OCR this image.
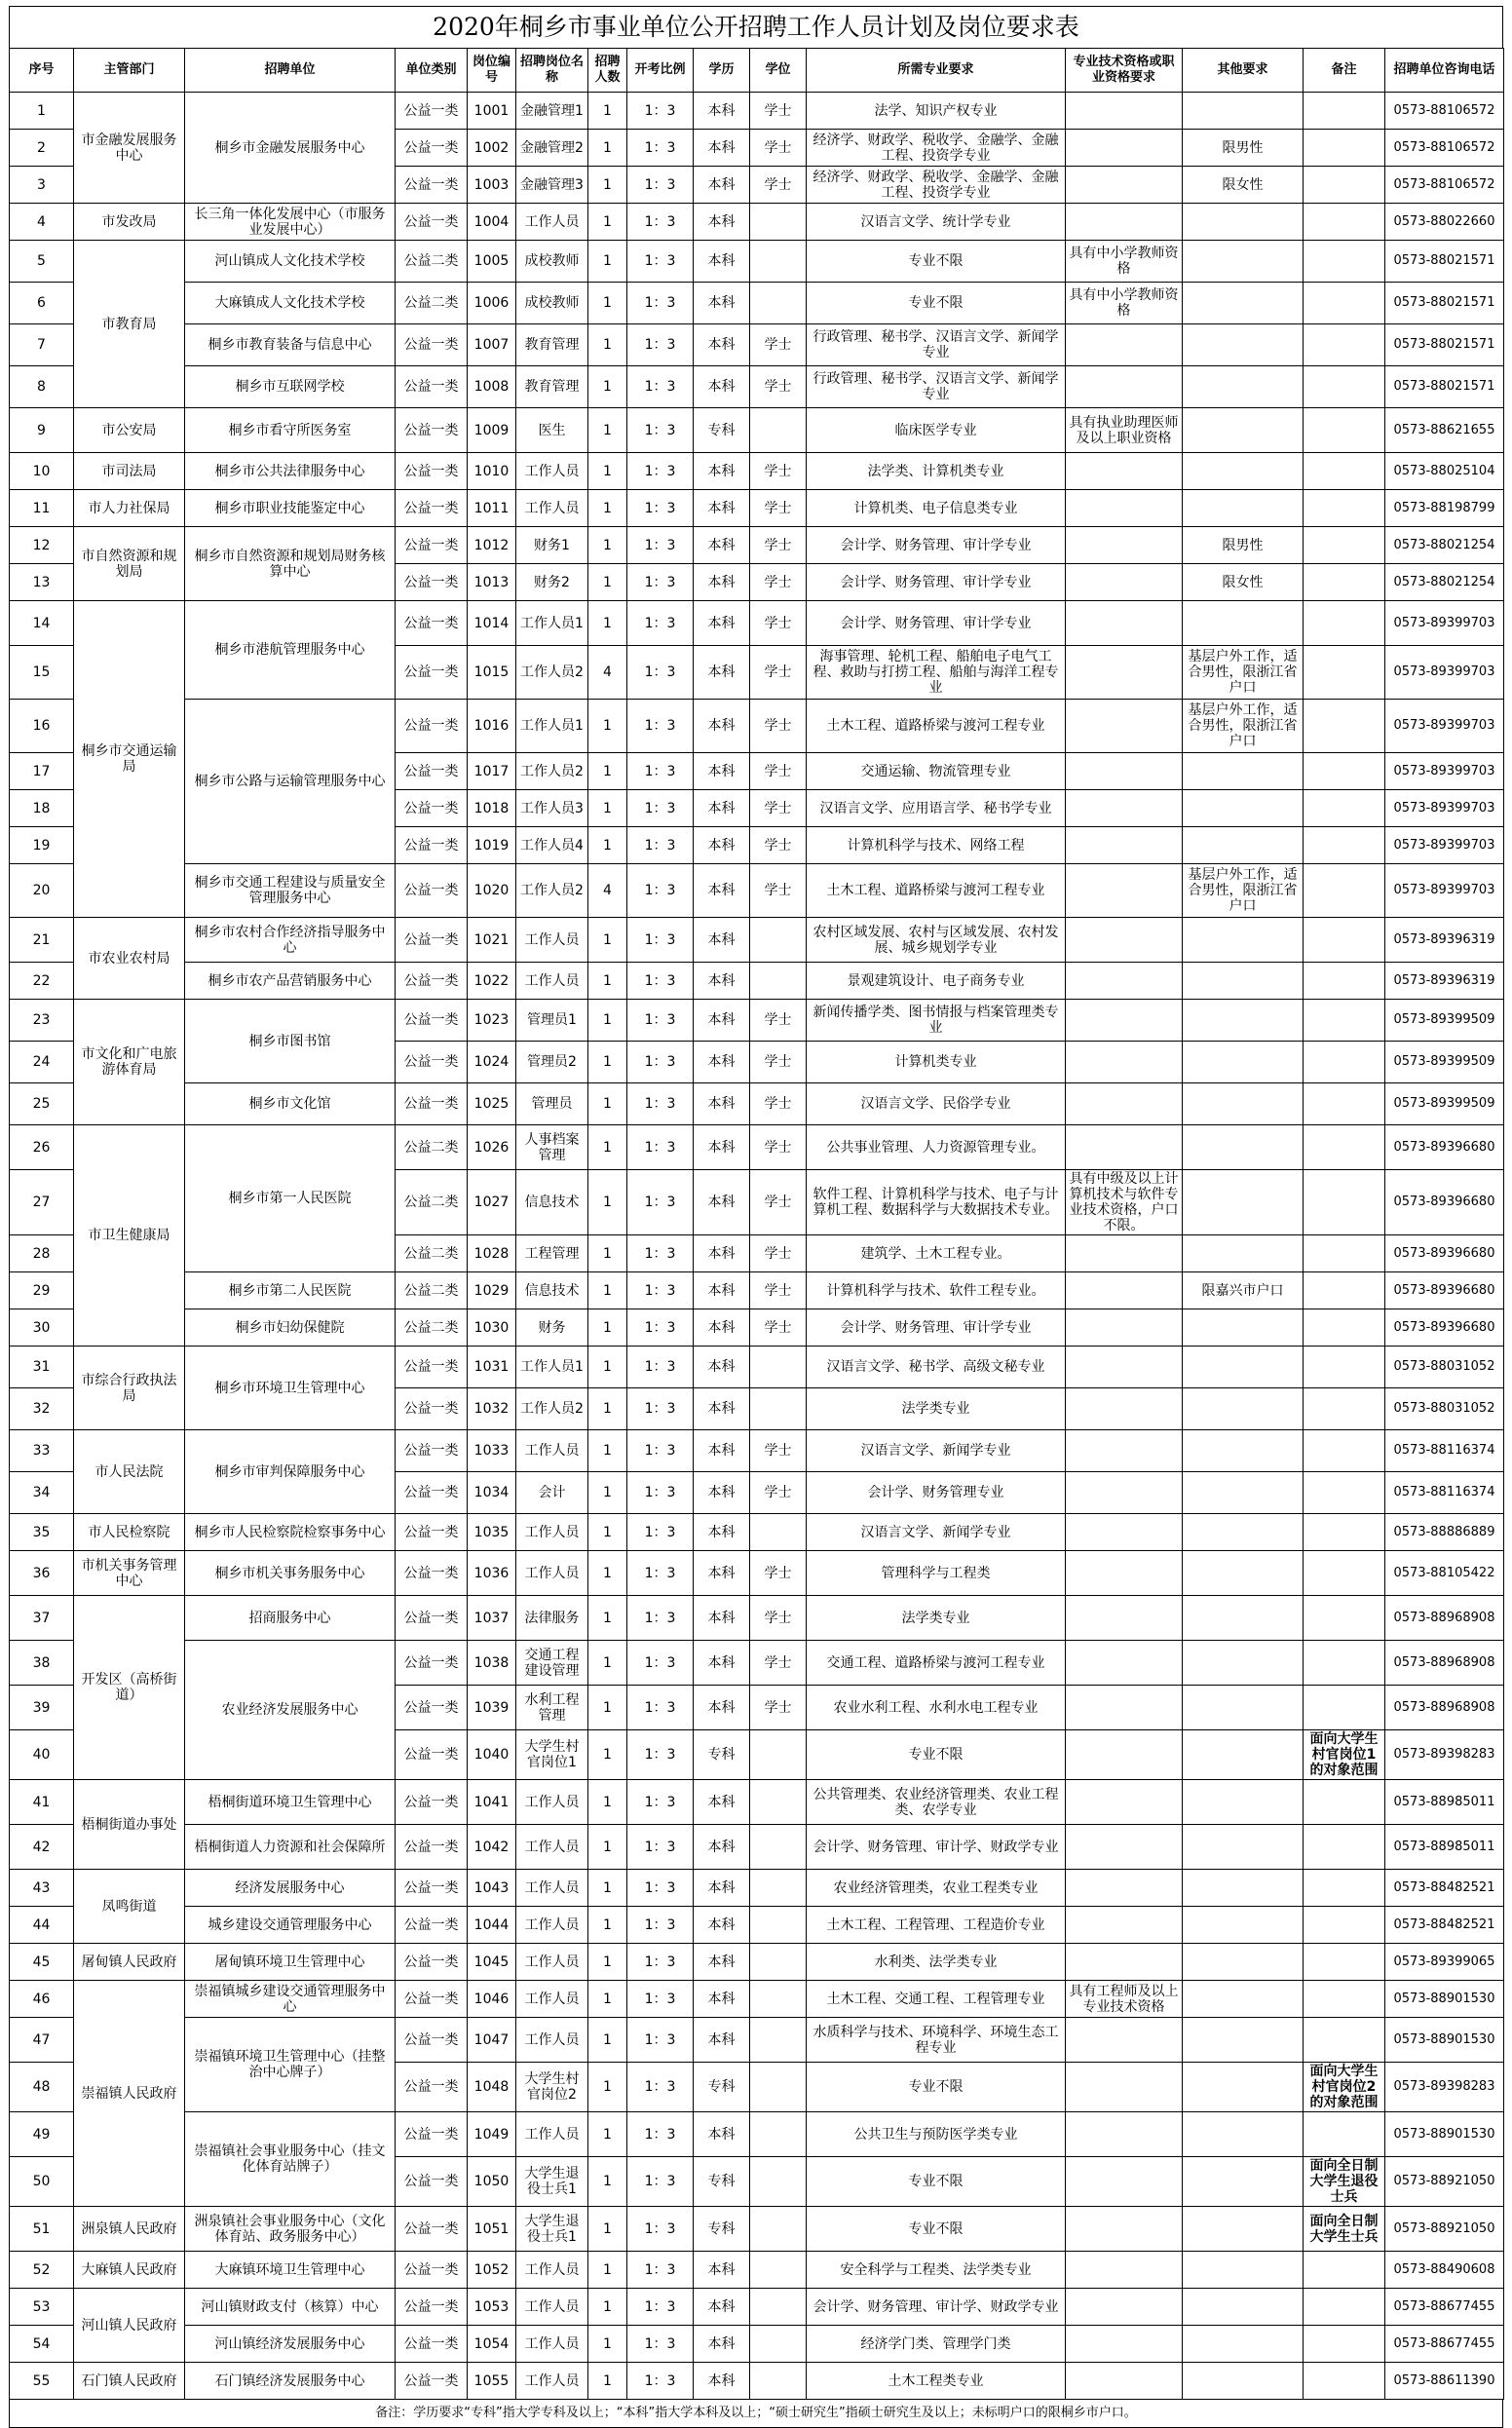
2020年桐乡市事业单位公开招聘工作人员计划及岗位要求表
序号	主管部门	招聘单位	单位类别	岗位编号	招聘岗位名称	招聘人数	开考比例	学历	学位	所需专业要求	专业技术资格或职业资格要求	其他要求	备注	招聘单位咨询电话
1	市金融发展服务中心	桐乡市金融发展服务中心	公益一类	1001	金融管理1	1	1：3	本科	学士	法学、知识产权专业				0573-88106572
2			公益一类	1002	金融管理2	1	1：3	本科	学士	经济学、财政学、税收学、金融学、金融工程、投资学专业		限男性		0573-88106572
3			公益一类	1003	金融管理3	1	1：3	本科	学士	经济学、财政学、税收学、金融学、金融工程、投资学专业		限女性		0573-88106572
4	市发改局	长三角一体化发展中心（市服务业发展中心）	公益一类	1004	工作人员	1	1：3	本科		汉语言文学、统计学专业				0573-88022660
5	市教育局	河山镇成人文化技术学校	公益二类	1005	成校教师	1	1：3	本科		专业不限	具有中小学教师资格			0573-88021571
6		大麻镇成人文化技术学校	公益二类	1006	成校教师	1	1：3	本科		专业不限	具有中小学教师资格			0573-88021571
7		桐乡市教育装备与信息中心	公益一类	1007	教育管理	1	1：3	本科	学士	行政管理、秘书学、汉语言文学、新闻学专业				0573-88021571
8		桐乡市互联网学校	公益一类	1008	教育管理	1	1：3	本科	学士	行政管理、秘书学、汉语言文学、新闻学专业				0573-88021571
9	市公安局	桐乡市看守所医务室	公益一类	1009	医生	1	1：3	专科		临床医学专业	具有执业助理医师及以上职业资格			0573-88621655
10	市司法局	桐乡市公共法律服务中心	公益一类	1010	工作人员	1	1：3	本科	学士	法学类、计算机类专业				0573-88025104
11	市人力社保局	桐乡市职业技能鉴定中心	公益一类	1011	工作人员	1	1：3	本科	学士	计算机类、电子信息类专业				0573-88198799
12	市自然资源和规划局	桐乡市自然资源和规划局财务核算中心	公益一类	1012	财务1	1	1：3	本科	学士	会计学、财务管理、审计学专业		限男性		0573-88021254
13			公益一类	1013	财务2	1	1：3	本科	学士	会计学、财务管理、审计学专业		限女性		0573-88021254
14	桐乡市交通运输局	桐乡市港航管理服务中心	公益一类	1014	工作人员1	1	1：3	本科	学士	会计学、财务管理、审计学专业				0573-89399703
15			公益一类	1015	工作人员2	4	1：3	本科	学士	海事管理、轮机工程、船舶电子电气工程、救助与打捞工程、船舶与海洋工程专业		基层户外工作，适合男性，限浙江省户口		0573-89399703
16		桐乡市公路与运输管理服务中心	公益一类	1016	工作人员1	1	1：3	本科	学士	土木工程、道路桥梁与渡河工程专业		基层户外工作，适合男性，限浙江省户口		0573-89399703
17			公益一类	1017	工作人员2	1	1：3	本科	学士	交通运输、物流管理专业				0573-89399703
18			公益一类	1018	工作人员3	1	1：3	本科	学士	汉语言文学、应用语言学、秘书学专业				0573-89399703
19			公益一类	1019	工作人员4	1	1：3	本科	学士	计算机科学与技术、网络工程				0573-89399703
20		桐乡市交通工程建设与质量安全管理服务中心	公益一类	1020	工作人员2	4	1：3	本科	学士	土木工程、道路桥梁与渡河工程专业		基层户外工作，适合男性，限浙江省户口		0573-89399703
21	市农业农村局	桐乡市农村合作经济指导服务中心	公益一类	1021	工作人员	1	1：3	本科		农村区域发展、农村与区域发展、农村发展、城乡规划学专业				0573-89396319
22		桐乡市农产品营销服务中心	公益一类	1022	工作人员	1	1：3	本科		景观建筑设计、电子商务专业				0573-89396319
23	市文化和广电旅游体育局	桐乡市图书馆	公益一类	1023	管理员1	1	1：3	本科	学士	新闻传播学类、图书情报与档案管理类专业				0573-89399509
24			公益一类	1024	管理员2	1	1：3	本科	学士	计算机类专业				0573-89399509
25		桐乡市文化馆	公益一类	1025	管理员	1	1：3	本科	学士	汉语言文学、民俗学专业				0573-89399509
26	市卫生健康局	桐乡市第一人民医院	公益二类	1026	人事档案管理	1	1：3	本科	学士	公共事业管理、人力资源管理专业。				0573-89396680
27			公益二类	1027	信息技术	1	1：3	本科	学士	软件工程、计算机科学与技术、电子与计算机工程、数据科学与大数据技术专业。	具有中级及以上计算机技术与软件专业技术资格，户口不限。			0573-89396680
28			公益二类	1028	工程管理	1	1：3	本科	学士	建筑学、土木工程专业。				0573-89396680
29		桐乡市第二人民医院	公益二类	1029	信息技术	1	1：3	本科	学士	计算机科学与技术、软件工程专业。		限嘉兴市户口		0573-89396680
30		桐乡市妇幼保健院	公益二类	1030	财务	1	1：3	本科	学士	会计学、财务管理、审计学专业				0573-89396680
31	市综合行政执法局	桐乡市环境卫生管理中心	公益一类	1031	工作人员1	1	1：3	本科		汉语言文学、秘书学、高级文秘专业				0573-88031052
32			公益一类	1032	工作人员2	1	1：3	本科		法学类专业				0573-88031052
33	市人民法院	桐乡市审判保障服务中心	公益一类	1033	工作人员	1	1：3	本科	学士	汉语言文学、新闻学专业				0573-88116374
34			公益一类	1034	会计	1	1：3	本科	学士	会计学、财务管理专业				0573-88116374
35	市人民检察院	桐乡市人民检察院检察事务中心	公益一类	1035	工作人员	1	1：3	本科		汉语言文学、新闻学专业				0573-88886889
36	市机关事务管理中心	桐乡市机关事务服务中心	公益一类	1036	工作人员	1	1：3	本科	学士	管理科学与工程类				0573-88105422
37	开发区（高桥街道）	招商服务中心	公益一类	1037	法律服务	1	1：3	本科	学士	法学类专业				0573-88968908
38		农业经济发展服务中心	公益一类	1038	交通工程建设管理	1	1：3	本科	学士	交通工程、道路桥梁与渡河工程专业				0573-88968908
39			公益一类	1039	水利工程管理	1	1：3	本科	学士	农业水利工程、水利水电工程专业				0573-88968908
40			公益一类	1040	大学生村官岗位1	1	1：3	专科		专业不限			面向大学生村官岗位1的对象范围	0573-89398283
41	梧桐街道办事处	梧桐街道环境卫生管理中心	公益一类	1041	工作人员	1	1：3	本科		公共管理类、农业经济管理类、农业工程类、农学专业				0573-88985011
42		梧桐街道人力资源和社会保障所	公益一类	1042	工作人员	1	1：3	本科		会计学、财务管理、审计学、财政学专业				0573-88985011
43	凤鸣街道	经济发展服务中心	公益一类	1043	工作人员	1	1：3	本科		农业经济管理类，农业工程类专业				0573-88482521
44		城乡建设交通管理服务中心	公益一类	1044	工作人员	1	1：3	本科		土木工程、工程管理、工程造价专业				0573-88482521
45	屠甸镇人民政府	屠甸镇环境卫生管理中心	公益一类	1045	工作人员	1	1：3	本科		水利类、法学类专业				0573-89399065
46	崇福镇人民政府	崇福镇城乡建设交通管理服务中心	公益一类	1046	工作人员	1	1：3	本科		土木工程、交通工程、工程管理专业	具有工程师及以上专业技术资格			0573-88901530
47		崇福镇环境卫生管理中心（挂整治中心牌子）	公益一类	1047	工作人员	1	1：3	本科		水质科学与技术、环境科学、环境生态工程专业				0573-88901530
48			公益一类	1048	大学生村官岗位2	1	1：3	专科		专业不限			面向大学生村官岗位2的对象范围	0573-89398283
49		崇福镇社会事业服务中心（挂文化体育站牌子）	公益一类	1049	工作人员	1	1：3	本科		公共卫生与预防医学类专业				0573-88901530
50			公益一类	1050	大学生退役士兵1	1	1：3	专科		专业不限			面向全日制大学生退役士兵	0573-88921050
51	洲泉镇人民政府	洲泉镇社会事业服务中心（文化体育站、政务服务中心）	公益一类	1051	大学生退役士兵1	1	1：3	专科		专业不限			面向全日制大学生士兵	0573-88921050
52	大麻镇人民政府	大麻镇环境卫生管理中心	公益一类	1052	工作人员	1	1：3	本科		安全科学与工程类、法学类专业				0573-88490608
53	河山镇人民政府	河山镇财政支付（核算）中心	公益一类	1053	工作人员	1	1：3	本科		会计学、财务管理、审计学、财政学专业				0573-88677455
54		河山镇经济发展服务中心	公益一类	1054	工作人员	1	1：3	本科		经济学门类、管理学门类				0573-88677455
55	石门镇人民政府	石门镇经济发展服务中心	公益一类	1055	工作人员	1	1：3	本科		土木工程类专业				0573-88611390
备注：学历要求“专科”指大学专科及以上；“本科”指大学本科及以上；“硕士研究生”指硕士研究生及以上；未标明户口的限桐乡市户口。
